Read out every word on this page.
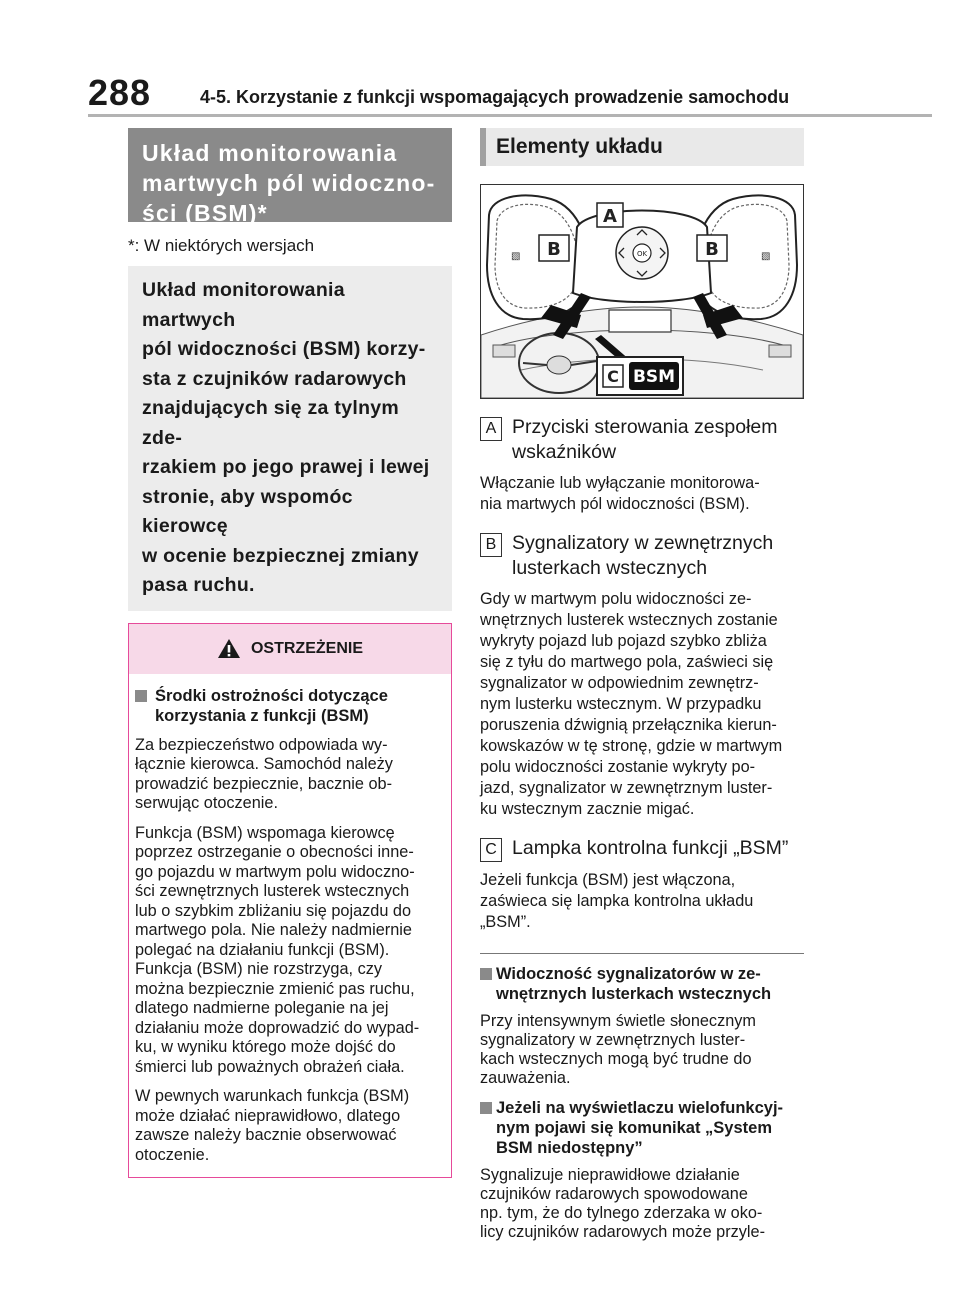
288	4-5. Korzystanie z funkcji wspomagających prowadzenie samochodu
Układ monitorowania
martwych pól widoczno-
ści (BSM)*
*: W niektórych wersjach
Układ monitorowania martwych
pól widoczności (BSM) korzy-
sta z czujników radarowych
znajdujących się za tylnym zde-
rzakiem po jego prawej i lewej
stronie, aby wspomóc kierowcę
w ocenie bezpiecznej zmiany
pasa ruchu.
OSTRZEŻENIE
Środki ostrożności dotyczące
korzystania z funkcji (BSM)
Za bezpieczeństwo odpowiada wy-
łącznie kierowca. Samochód należy
prowadzić bezpiecznie, bacznie ob-
serwując otoczenie.
Funkcja (BSM) wspomaga kierowcę
poprzez ostrzeganie o obecności inne-
go pojazdu w martwym polu widoczno-
ści zewnętrznych lusterek wstecznych
lub o szybkim zbliżaniu się pojazdu do
martwego pola. Nie należy nadmiernie
polegać na działaniu funkcji (BSM).
Funkcja (BSM) nie rozstrzyga, czy
można bezpiecznie zmienić pas ruchu,
dlatego nadmierne poleganie na jej
działaniu może doprowadzić do wypad-
ku, w wyniku którego może dojść do
śmierci lub poważnych obrażeń ciała.
W pewnych warunkach funkcja (BSM)
może działać nieprawidłowo, dlatego
zawsze należy bacznie obserwować
otoczenie.
Elementy układu
▧	▧
OK
A
B	B
C BSM
A Przyciski sterowania zespołem
wskaźników
Włączanie lub wyłączanie monitorowa-
nia martwych pól widoczności (BSM).
B Sygnalizatory w zewnętrznych
lusterkach wstecznych
Gdy w martwym polu widoczności ze-
wnętrznych lusterek wstecznych zostanie
wykryty pojazd lub pojazd szybko zbliża
się z tyłu do martwego pola, zaświeci się
sygnalizator w odpowiednim zewnętrz-
nym lusterku wstecznym. W przypadku
poruszenia dźwignią przełącznika kierun-
kowskazów w tę stronę, gdzie w martwym
polu widoczności zostanie wykryty po-
jazd, sygnalizator w zewnętrznym luster-
ku wstecznym zacznie migać.
C Lampka kontrolna funkcji „BSM”
Jeżeli funkcja (BSM) jest włączona,
zaświeca się lampka kontrolna układu
„BSM”.
Widoczność sygnalizatorów w ze-
wnętrznych lusterkach wstecznych
Przy intensywnym świetle słonecznym
sygnalizatory w zewnętrznych luster-
kach wstecznych mogą być trudne do
zauważenia.
Jeżeli na wyświetlaczu wielofunkcyj-
nym pojawi się komunikat „System
BSM niedostępny”
Sygnalizuje nieprawidłowe działanie
czujników radarowych spowodowane
np. tym, że do tylnego zderzaka w oko-
licy czujników radarowych może przyle-
